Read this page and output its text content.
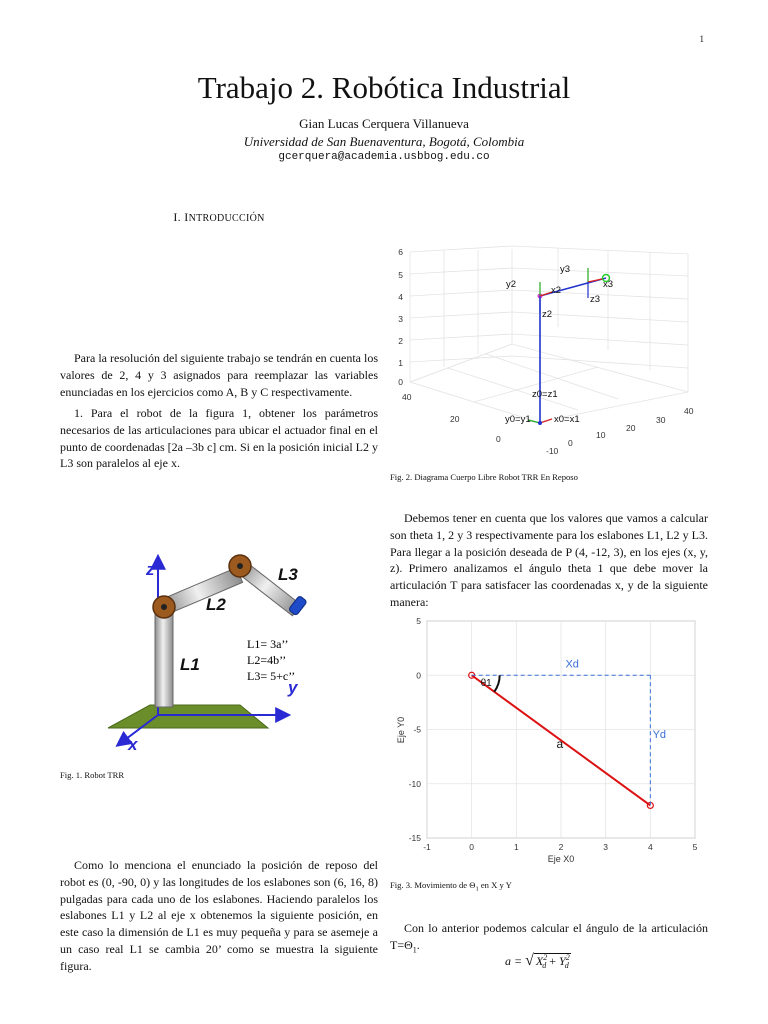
1
Trabajo 2. Robótica Industrial
Gian Lucas Cerquera Villanueva
Universidad de San Buenaventura, Bogotá, Colombia
gcerquera@academia.usbbog.edu.co
I. INTRODUCCIÓN

Para la resolución del siguiente trabajo se tendrán en cuenta los valores de 2, 4 y 3 asignados para reemplazar las variables enunciadas en los ejercicios como A, B y C respectivamente.

1. Para el robot de la figura 1, obtener los parámetros necesarios de las articulaciones para ubicar el actuador final en el punto de coordenadas [2a –3b c] cm. Si en la posición inicial L2 y L3 son paralelos al eje x.

z
y
x
L1
L2
L3
L1= 3a’’
L2=4b’’
L3= 5+c’’
Fig. 1. Robot TRR

Como lo menciona el enunciado la posición de reposo del robot es (0, -90, 0) y las longitudes de los eslabones son (6, 16, 8) pulgadas para cada uno de los eslabones. Haciendo paralelos los eslabones L1 y L2 al eje x obtenemos la siguiente posición, en este caso la dimensión de L1 es muy pequeña y para se asemeje a un caso real L1 se cambia 20’ como se muestra la siguiente figura.

6
5
4
3
2
1
0
40
20
0
-10
0
10
20
30
40
y3
x3
z3
y2
x2
z2
z0=z1
y0=y1 x0=x1
Fig. 2. Diagrama Cuerpo Libre Robot TRR En Reposo

Debemos tener en cuenta que los valores que vamos a calcular son theta 1, 2 y 3 respectivamente para los eslabones L1, L2 y L3. Para llegar a la posición deseada de P (4, -12, 3), en los ejes (x, y, z). Primero analizamos el ángulo theta 1 que debe mover la articulación T para satisfacer las coordenadas x, y de la siguiente manera:

-1	0	1	2	3	4	5
5
0
-5
-10
-15
Eje X0
Eje Y0
Xd
Yd
a
θ1
Fig. 3. Movimiento de $\Theta_1$ en X y Y

Con lo anterior podemos calcular el ángulo de la articulación $T=\Theta_1$.

a = √ $X^2_d + Y^2_d$
